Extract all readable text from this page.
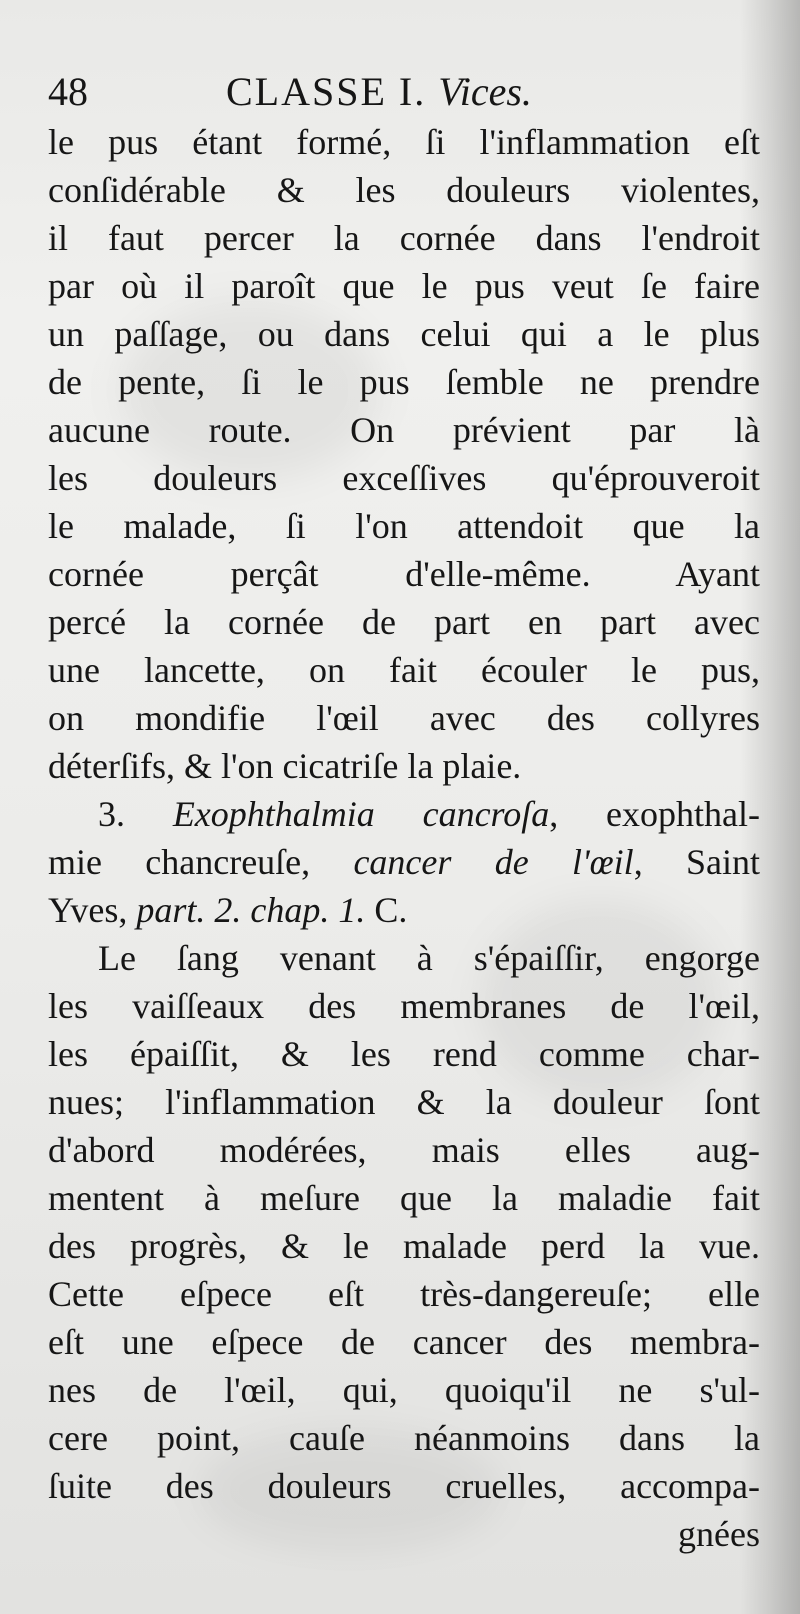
48	CLASSE I. Vices.
le pus étant formé, ſi l'inflammation eſt
conſidérable & les douleurs violentes,
il faut percer la cornée dans l'endroit
par où il paroît que le pus veut ſe faire
un paſſage, ou dans celui qui a le plus
de pente, ſi le pus ſemble ne prendre
aucune route. On prévient par là
les douleurs exceſſives qu'éprouveroit
le malade, ſi l'on attendoit que la
cornée perçât d'elle-même. Ayant
percé la cornée de part en part avec
une lancette, on fait écouler le pus,
on mondifie l'œil avec des collyres
déterſifs, & l'on cicatriſe la plaie.
3. Exophthalmia cancroſa, exophthal-
mie chancreuſe, cancer de l'œil, Saint
Yves, part. 2. chap. 1. C.
Le ſang venant à s'épaiſſir, engorge
les vaiſſeaux des membranes de l'œil,
les épaiſſit, & les rend comme char-
nues; l'inflammation & la douleur ſont
d'abord modérées, mais elles aug-
mentent à meſure que la maladie fait
des progrès, & le malade perd la vue.
Cette eſpece eſt très-dangereuſe; elle
eſt une eſpece de cancer des membra-
nes de l'œil, qui, quoiqu'il ne s'ul-
cere point, cauſe néanmoins dans la
ſuite des douleurs cruelles, accompa-
gnées
